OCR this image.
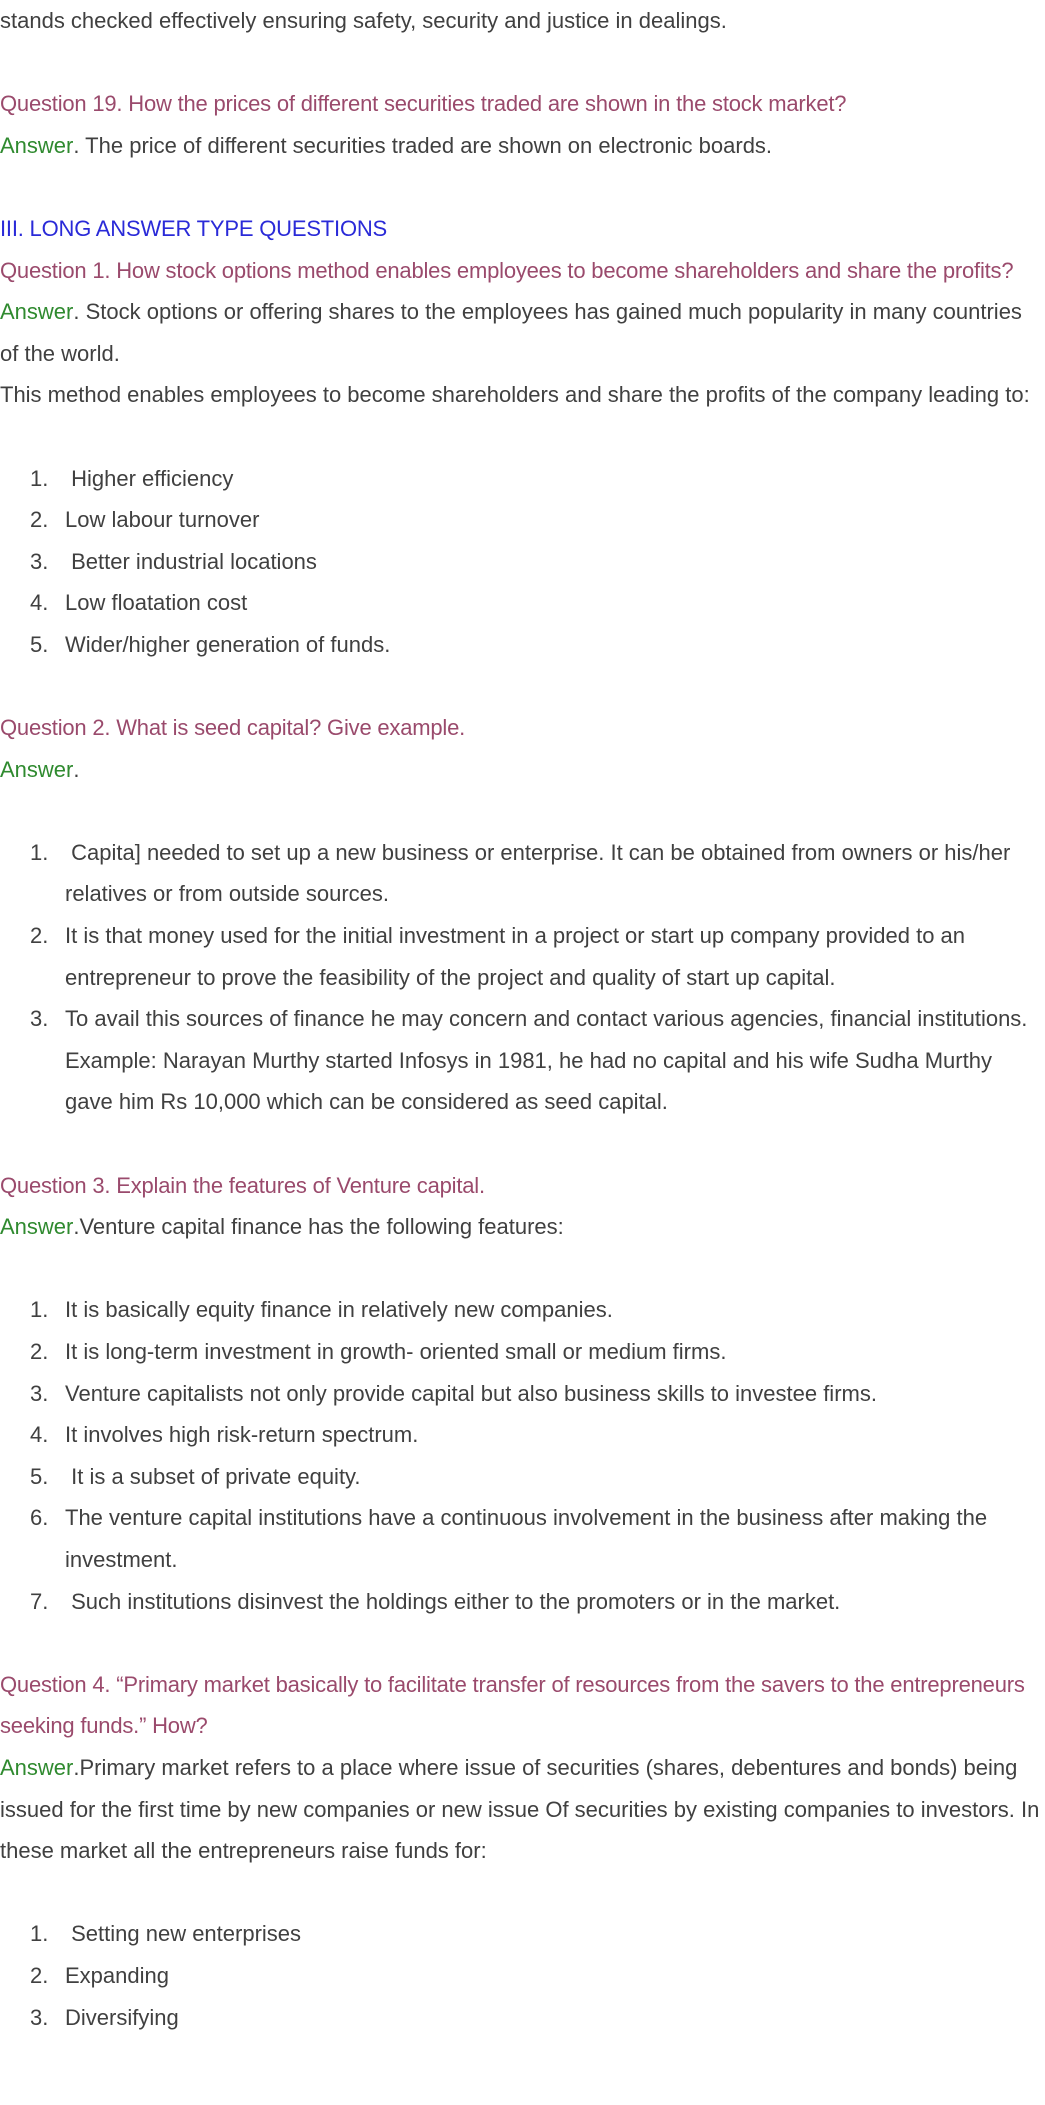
stands checked effectively ensuring safety, security and justice in dealings.

Question 19. How the prices of different securities traded are shown in the stock market?

Answer. The price of different securities traded are shown on electronic boards.

III. LONG ANSWER TYPE QUESTIONS

Question 1. How stock options method enables employees to become shareholders and share the profits?

Answer. Stock options or offering shares to the employees has gained much popularity in many countries of the world.

This method enables employees to become shareholders and share the profits of the company leading to:

1. Higher efficiency
2. Low labour turnover
3. Better industrial locations
4. Low floatation cost
5. Wider/higher generation of funds.

Question 2. What is seed capital? Give example.

Answer.

1. Capita] needed to set up a new business or enterprise. It can be obtained from owners or his/her relatives or from outside sources.
2. It is that money used for the initial investment in a project or start up company provided to an entrepreneur to prove the feasibility of the project and quality of start up capital.
3. To avail this sources of finance he may concern and contact various agencies, financial institutions. Example: Narayan Murthy started Infosys in 1981, he had no capital and his wife Sudha Murthy gave him Rs 10,000 which can be considered as seed capital.

Question 3. Explain the features of Venture capital.

Answer.Venture capital finance has the following features:

1. It is basically equity finance in relatively new companies.
2. It is long-term investment in growth- oriented small or medium firms.
3. Venture capitalists not only provide capital but also business skills to investee firms.
4. It involves high risk-return spectrum.
5. It is a subset of private equity.
6. The venture capital institutions have a continuous involvement in the business after making the investment.
7. Such institutions disinvest the holdings either to the promoters or in the market.

Question 4. “Primary market basically to facilitate transfer of resources from the savers to the entrepreneurs seeking funds.” How?

Answer.Primary market refers to a place where issue of securities (shares, debentures and bonds) being issued for the first time by new companies or new issue Of securities by existing companies to investors. In these market all the entrepreneurs raise funds for:

1. Setting new enterprises
2. Expanding
3. Diversifying
